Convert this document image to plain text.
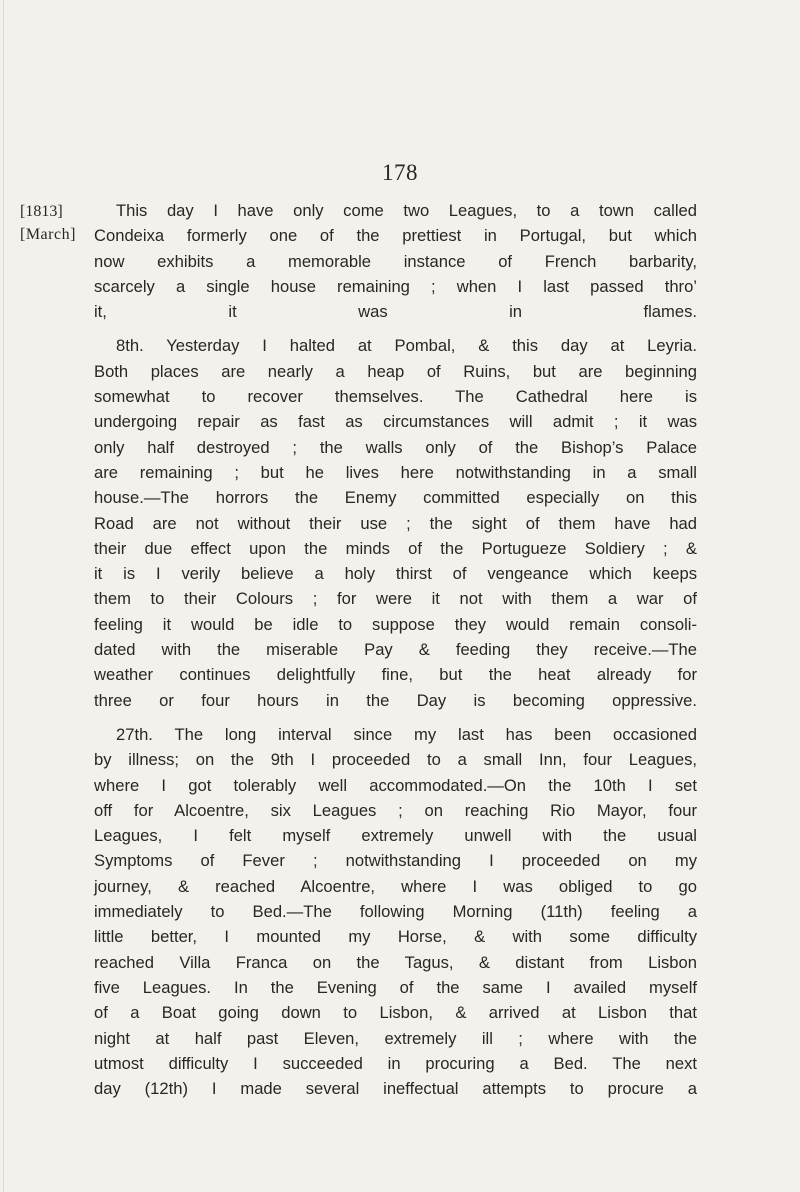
178
[1813]
[March]

This day I have only come two Leagues, to a town called
Condeixa formerly one of the prettiest in Portugal, but which
now exhibits a memorable instance of French barbarity,
scarcely a single house remaining ; when I last passed thro’
it, it was in flames.

8th. Yesterday I halted at Pombal, & this day at Leyria.
Both places are nearly a heap of Ruins, but are beginning
somewhat to recover themselves. The Cathedral here is
undergoing repair as fast as circumstances will admit ; it was
only half destroyed ; the walls only of the Bishop’s Palace
are remaining ; but he lives here notwithstanding in a small
house.—The horrors the Enemy committed especially on this
Road are not without their use ; the sight of them have had
their due effect upon the minds of the Portugueze Soldiery ; &
it is I verily believe a holy thirst of vengeance which keeps
them to their Colours ; for were it not with them a war of
feeling it would be idle to suppose they would remain consoli-
dated with the miserable Pay & feeding they receive.—The
weather continues delightfully fine, but the heat already for
three or four hours in the Day is becoming oppressive.

27th. The long interval since my last has been occasioned
by illness; on the 9th I proceeded to a small Inn, four Leagues,
where I got tolerably well accommodated.—On the 10th I set
off for Alcoentre, six Leagues ; on reaching Rio Mayor, four
Leagues, I felt myself extremely unwell with the usual
Symptoms of Fever ; notwithstanding I proceeded on my
journey, & reached Alcoentre, where I was obliged to go
immediately to Bed.—The following Morning (11th) feeling a
little better, I mounted my Horse, & with some difficulty
reached Villa Franca on the Tagus, & distant from Lisbon
five Leagues. In the Evening of the same I availed myself
of a Boat going down to Lisbon, & arrived at Lisbon that
night at half past Eleven, extremely ill ; where with the
utmost difficulty I succeeded in procuring a Bed. The next
day (12th) I made several ineffectual attempts to procure a
